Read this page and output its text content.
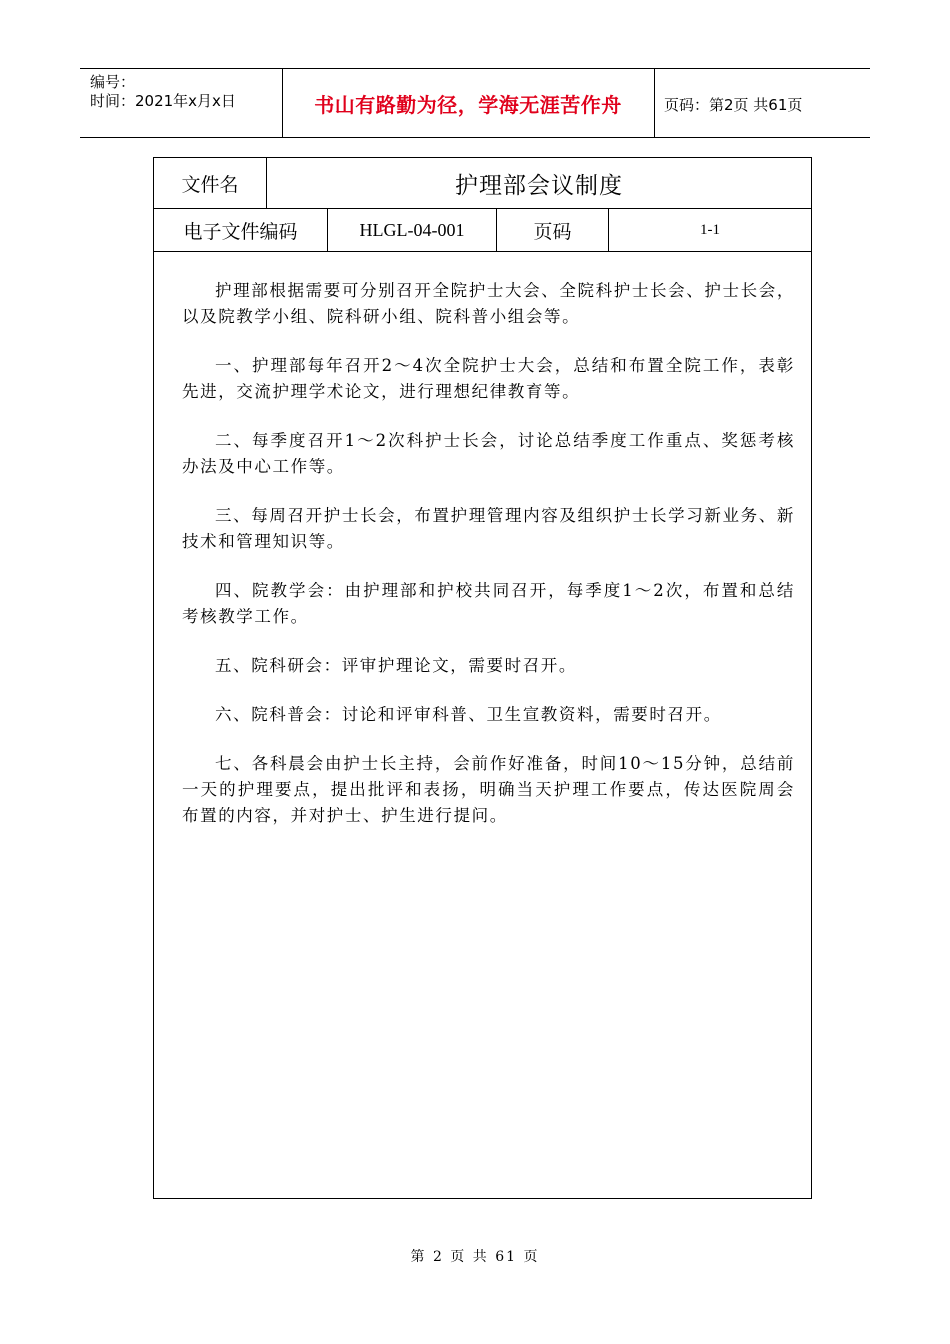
编号：
时间：2021年x月x日	书山有路勤为径，学海无涯苦作舟	页码：第2页 共61页
文件名	护理部会议制度
电子文件编码	HLGL-04-001	页码	1-1

护理部根据需要可分别召开全院护士大会、全院科护士长会、护士长会，以及院教学小组、院科研小组、院科普小组会等。

一、护理部每年召开2～4次全院护士大会，总结和布置全院工作，表彰先进，交流护理学术论文，进行理想纪律教育等。

二、每季度召开1～2次科护士长会，讨论总结季度工作重点、奖惩考核办法及中心工作等。

三、每周召开护士长会，布置护理管理内容及组织护士长学习新业务、新技术和管理知识等。

四、院教学会：由护理部和护校共同召开，每季度1～2次，布置和总结考核教学工作。

五、院科研会：评审护理论文，需要时召开。

六、院科普会：讨论和评审科普、卫生宣教资料，需要时召开。

七、各科晨会由护士长主持，会前作好准备，时间10～15分钟，总结前一天的护理要点，提出批评和表扬，明确当天护理工作要点，传达医院周会布置的内容，并对护士、护生进行提问。

第 2 页 共 61 页
